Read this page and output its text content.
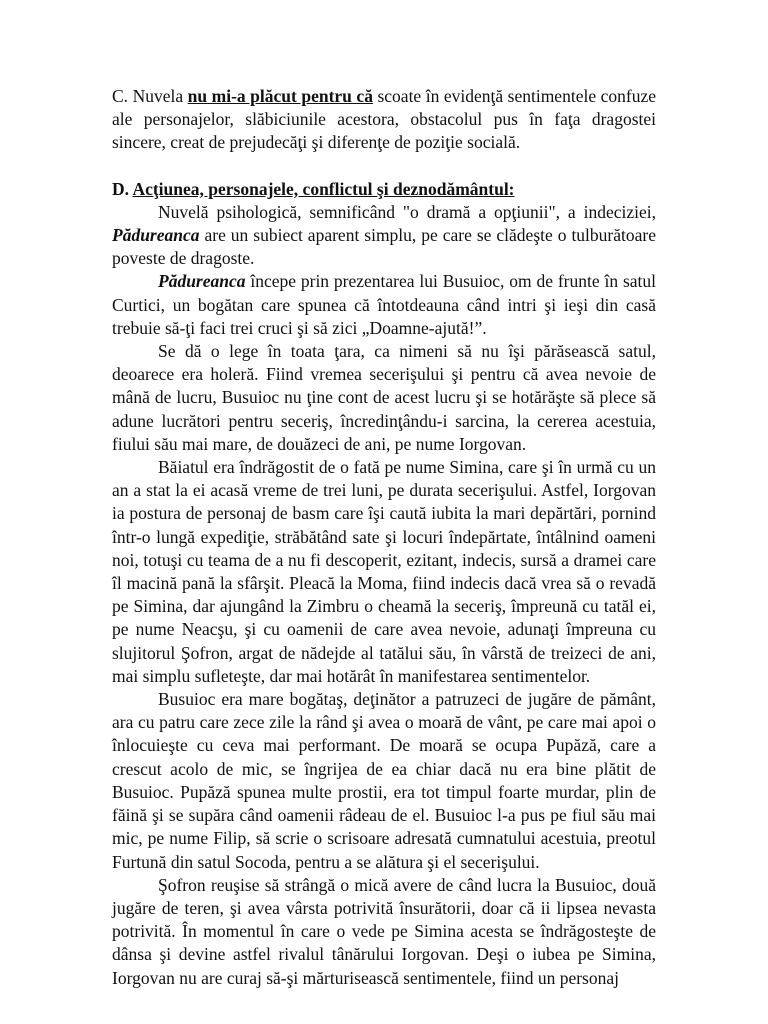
C. Nuvela nu mi-a plăcut pentru că scoate în evidenţă sentimentele confuze ale personajelor, slăbiciunile acestora, obstacolul pus în faţa dragostei sincere, creat de prejudecăţi şi diferenţe de poziţie socială.

D. Acţiunea, personajele, conflictul şi deznodământul:

Nuvelă psihologică, semnificând "o dramă a opţiunii", a indeciziei, Pădureanca are un subiect aparent simplu, pe care se clădeşte o tulburătoare poveste de dragoste.

Pădureanca începe prin prezentarea lui Busuioc, om de frunte în satul Curtici, un bogătan care spunea că întotdeauna când intri şi ieşi din casă trebuie să-ţi faci trei cruci şi să zici „Doamne-ajută!”.

Se dă o lege în toata ţara, ca nimeni să nu îşi părăsească satul, deoarece era holeră. Fiind vremea secerişului şi pentru că avea nevoie de mână de lucru, Busuioc nu ţine cont de acest lucru şi se hotărăşte să plece să adune lucrători pentru seceriş, încredinţându-i sarcina, la cererea acestuia, fiului său mai mare, de douăzeci de ani, pe nume Iorgovan.

Băiatul era îndrăgostit de o fată pe nume Simina, care şi în urmă cu un an a stat la ei acasă vreme de trei luni, pe durata secerişului. Astfel, Iorgovan ia postura de personaj de basm care îşi caută iubita la mari depărtări, pornind într-o lungă expediţie, străbătând sate şi locuri îndepărtate, întâlnind oameni noi, totuşi cu teama de a nu fi descoperit, ezitant, indecis, sursă a dramei care îl macină pană la sfârşit. Pleacă la Moma, fiind indecis dacă vrea să o revadă pe Simina, dar ajungând la Zimbru o cheamă la seceriş, împreună cu tatăl ei, pe nume Neacşu, şi cu oamenii de care avea nevoie, adunaţi împreuna cu slujitorul Şofron, argat de nădejde al tatălui său, în vârstă de treizeci de ani, mai simplu sufleteşte, dar mai hotărât în manifestarea sentimentelor.

Busuioc era mare bogătaş, deţinător a patruzeci de jugăre de pământ, ara cu patru care zece zile la rând şi avea o moară de vânt, pe care mai apoi o înlocuieşte cu ceva mai performant. De moară se ocupa Pupăză, care a crescut acolo de mic, se îngrijea de ea chiar dacă nu era bine plătit de Busuioc. Pupăză spunea multe prostii, era tot timpul foarte murdar, plin de făină şi se supăra când oamenii râdeau de el. Busuioc l-a pus pe fiul său mai mic, pe nume Filip, să scrie o scrisoare adresată cumnatului acestuia, preotul Furtună din satul Socoda, pentru a se alătura şi el secerişului.

Şofron reuşise să strângă o mică avere de când lucra la Busuioc, două jugăre de teren, şi avea vârsta potrivită însurătorii, doar că ii lipsea nevasta potrivită. În momentul în care o vede pe Simina acesta se îndrăgosteşte de dânsa şi devine astfel rivalul tânărului Iorgovan. Deşi o iubea pe Simina, Iorgovan nu are curaj să-şi mărturisească sentimentele, fiind un personaj
